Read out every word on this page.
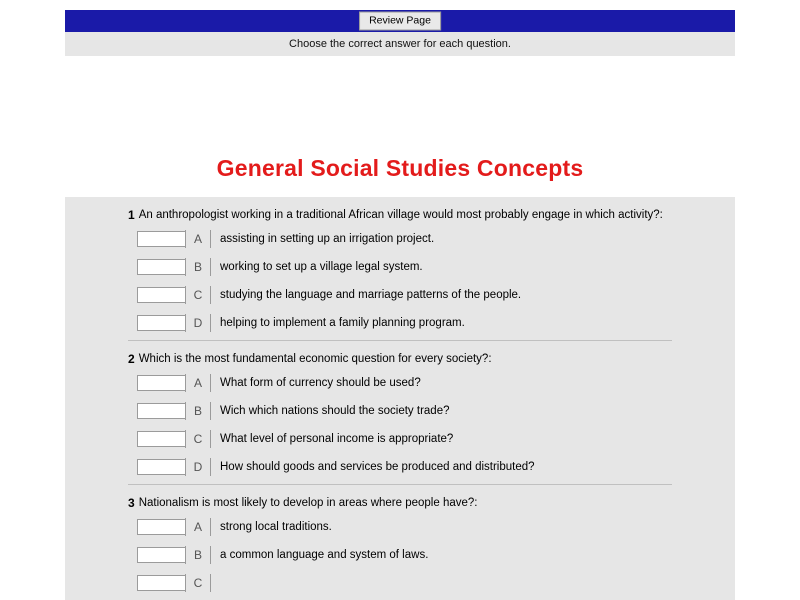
Review Page
Choose the correct answer for each question.
General Social Studies Concepts
1 An anthropologist working in a traditional African village would most probably engage in which activity?:
A	assisting in setting up an irrigation project.
B	working to set up a village legal system.
C	studying the language and marriage patterns of the people.
D	helping to implement a family planning program.
2 Which is the most fundamental economic question for every society?:
A	What form of currency should be used?
B	Wich which nations should the society trade?
C	What level of personal income is appropriate?
D	How should goods and services be produced and distributed?
3 Nationalism is most likely to develop in areas where people have?:
A	strong local traditions.
B	a common language and system of laws.
C
